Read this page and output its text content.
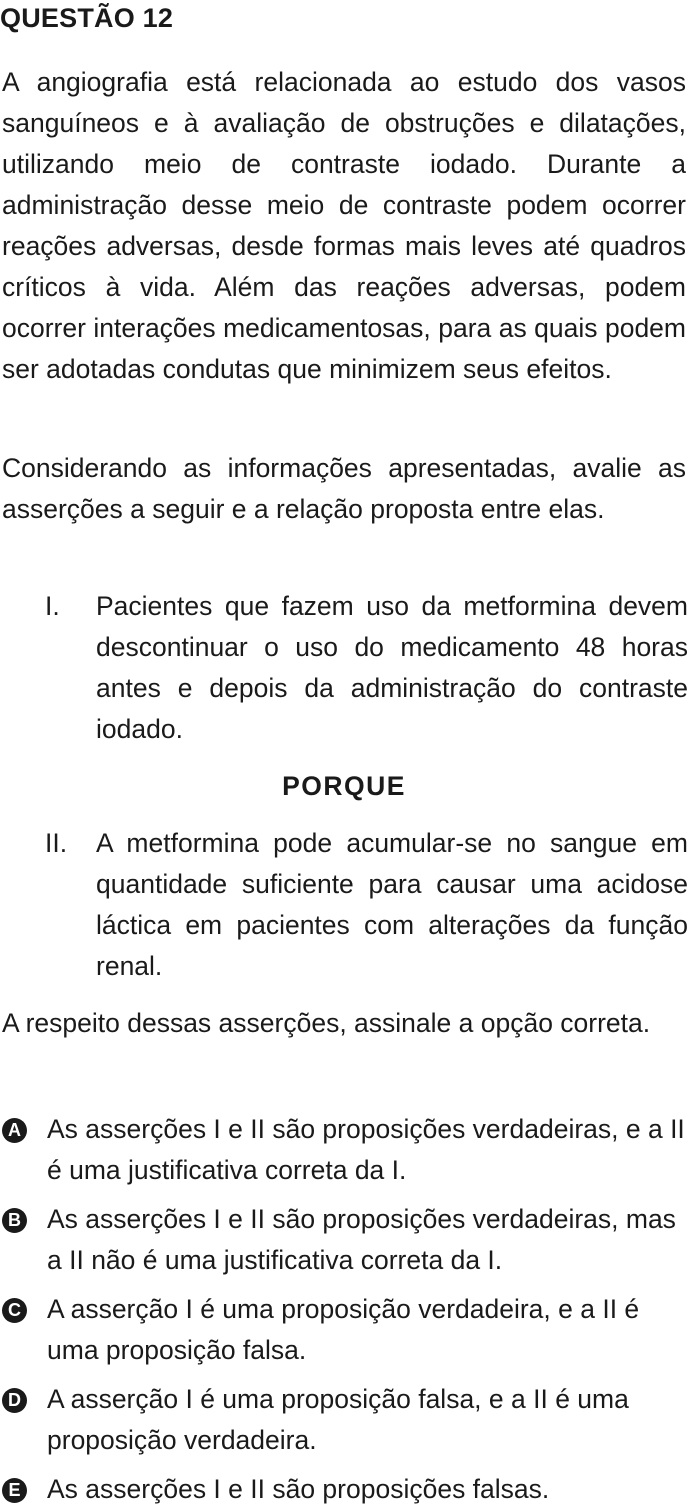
QUESTÃO 12

A angiografia está relacionada ao estudo dos vasos sanguíneos e à avaliação de obstruções e dilatações, utilizando meio de contraste iodado. Durante a administração desse meio de contraste podem ocorrer reações adversas, desde formas mais leves até quadros críticos à vida. Além das reações adversas, podem ocorrer interações medicamentosas, para as quais podem ser adotadas condutas que minimizem seus efeitos.

Considerando as informações apresentadas, avalie as asserções a seguir e a relação proposta entre elas.

I. Pacientes que fazem uso da metformina devem descontinuar o uso do medicamento 48 horas antes e depois da administração do contraste iodado.
PORQUE
II. A metformina pode acumular-se no sangue em quantidade suficiente para causar uma acidose láctica em pacientes com alterações da função renal.

A respeito dessas asserções, assinale a opção correta.

A As asserções I e II são proposições verdadeiras, e a II é uma justificativa correta da I.
B As asserções I e II são proposições verdadeiras, mas a II não é uma justificativa correta da I.
C A asserção I é uma proposição verdadeira, e a II é uma proposição falsa.
D A asserção I é uma proposição falsa, e a II é uma proposição verdadeira.
E As asserções I e II são proposições falsas.
